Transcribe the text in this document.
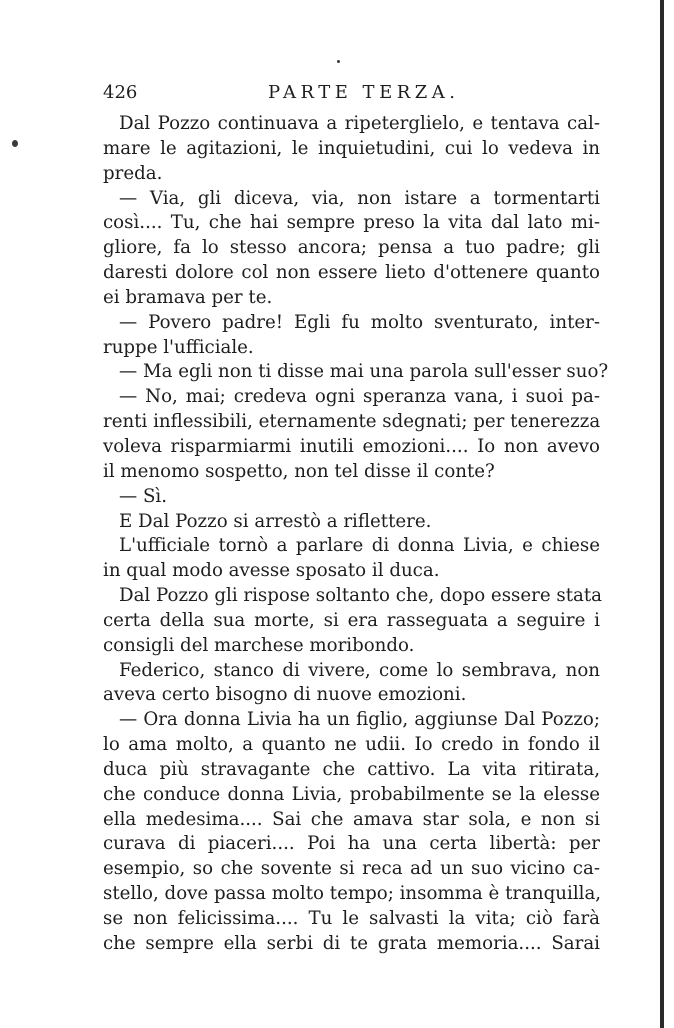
426	PARTE TERZA.
Dal Pozzo continuava a ripeterglielo, e tentava cal-
mare le agitazioni, le inquietudini, cui lo vedeva in
preda.
— Via, gli diceva, via, non istare a tormentarti
così.... Tu, che hai sempre preso la vita dal lato mi-
gliore, fa lo stesso ancora; pensa a tuo padre; gli
daresti dolore col non essere lieto d'ottenere quanto
ei bramava per te.
— Povero padre! Egli fu molto sventurato, inter-
ruppe l'ufficiale.
— Ma egli non ti disse mai una parola sull'esser suo?
— No, mai; credeva ogni speranza vana, i suoi pa-
renti inflessibili, eternamente sdegnati; per tenerezza
voleva risparmiarmi inutili emozioni.... Io non avevo
il menomo sospetto, non tel disse il conte?
— Sì.
E Dal Pozzo si arrestò a riflettere.
L'ufficiale tornò a parlare di donna Livia, e chiese
in qual modo avesse sposato il duca.
Dal Pozzo gli rispose soltanto che, dopo essere stata
certa della sua morte, si era rasseguata a seguire i
consigli del marchese moribondo.
Federico, stanco di vivere, come lo sembrava, non
aveva certo bisogno di nuove emozioni.
— Ora donna Livia ha un figlio, aggiunse Dal Pozzo;
lo ama molto, a quanto ne udii. Io credo in fondo il
duca più stravagante che cattivo. La vita ritirata,
che conduce donna Livia, probabilmente se la elesse
ella medesima.... Sai che amava star sola, e non si
curava di piaceri.... Poi ha una certa libertà: per
esempio, so che sovente si reca ad un suo vicino ca-
stello, dove passa molto tempo; insomma è tranquilla,
se non felicissima.... Tu le salvasti la vita; ciò farà
che sempre ella serbi di te grata memoria.... Sarai
